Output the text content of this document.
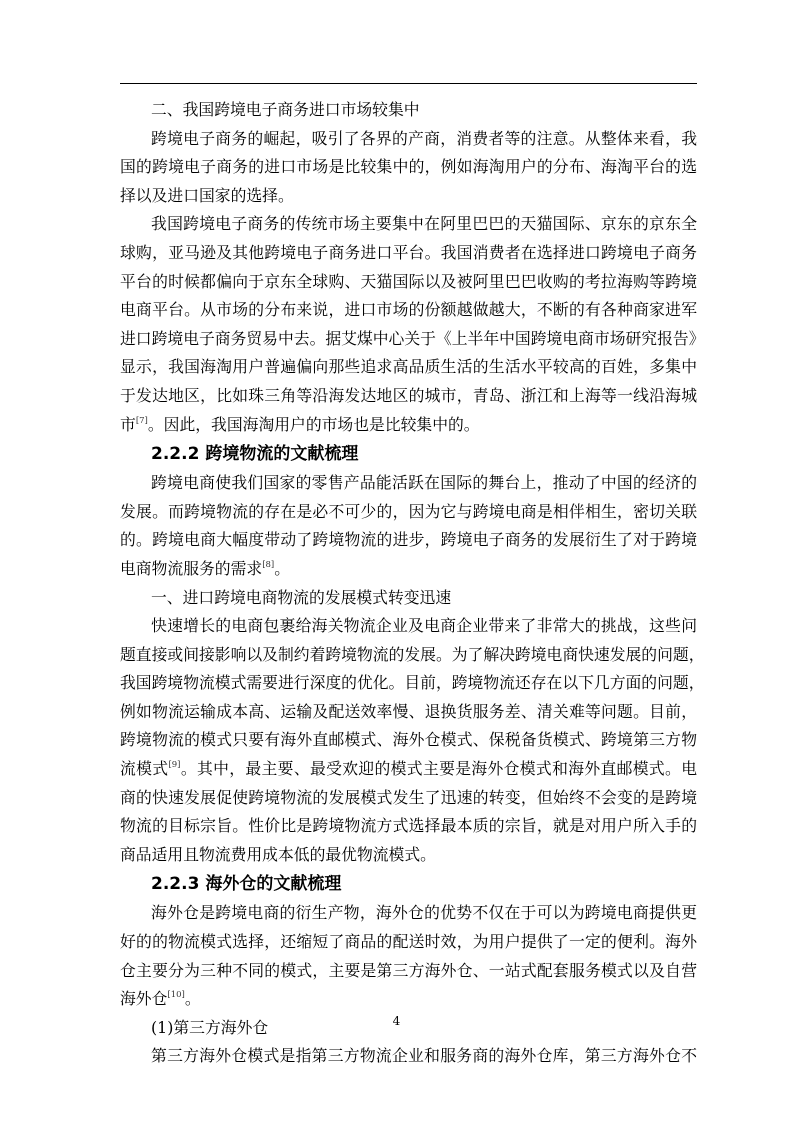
二、我国跨境电子商务进口市场较集中
跨境电子商务的崛起，吸引了各界的产商，消费者等的注意。从整体来看，我
国的跨境电子商务的进口市场是比较集中的，例如海淘用户的分布、海淘平台的选
择以及进口国家的选择。
我国跨境电子商务的传统市场主要集中在阿里巴巴的天猫国际、京东的京东全
球购，亚马逊及其他跨境电子商务进口平台。我国消费者在选择进口跨境电子商务
平台的时候都偏向于京东全球购、天猫国际以及被阿里巴巴收购的考拉海购等跨境
电商平台。从市场的分布来说，进口市场的份额越做越大，不断的有各种商家进军
进口跨境电子商务贸易中去。据艾煤中心关于《上半年中国跨境电商市场研究报告》
显示，我国海淘用户普遍偏向那些追求高品质生活的生活水平较高的百姓，多集中
于发达地区，比如珠三角等沿海发达地区的城市，青岛、浙江和上海等一线沿海城
市[7]。因此，我国海淘用户的市场也是比较集中的。
2.2.2 跨境物流的文献梳理
跨境电商使我们国家的零售产品能活跃在国际的舞台上，推动了中国的经济的
发展。而跨境物流的存在是必不可少的，因为它与跨境电商是相伴相生，密切关联
的。跨境电商大幅度带动了跨境物流的进步，跨境电子商务的发展衍生了对于跨境
电商物流服务的需求[8]。
一、进口跨境电商物流的发展模式转变迅速
快速增长的电商包裹给海关物流企业及电商企业带来了非常大的挑战，这些问
题直接或间接影响以及制约着跨境物流的发展。为了解决跨境电商快速发展的问题，
我国跨境物流模式需要进行深度的优化。目前，跨境物流还存在以下几方面的问题，
例如物流运输成本高、运输及配送效率慢、退换货服务差、清关难等问题。目前，
跨境物流的模式只要有海外直邮模式、海外仓模式、保税备货模式、跨境第三方物
流模式[9]。其中，最主要、最受欢迎的模式主要是海外仓模式和海外直邮模式。电
商的快速发展促使跨境物流的发展模式发生了迅速的转变，但始终不会变的是跨境
物流的目标宗旨。性价比是跨境物流方式选择最本质的宗旨，就是对用户所入手的
商品适用且物流费用成本低的最优物流模式。
2.2.3 海外仓的文献梳理
海外仓是跨境电商的衍生产物，海外仓的优势不仅在于可以为跨境电商提供更
好的的物流模式选择，还缩短了商品的配送时效，为用户提供了一定的便利。海外
仓主要分为三种不同的模式，主要是第三方海外仓、一站式配套服务模式以及自营
海外仓[10]。
(1)第三方海外仓
第三方海外仓模式是指第三方物流企业和服务商的海外仓库，第三方海外仓不
4
